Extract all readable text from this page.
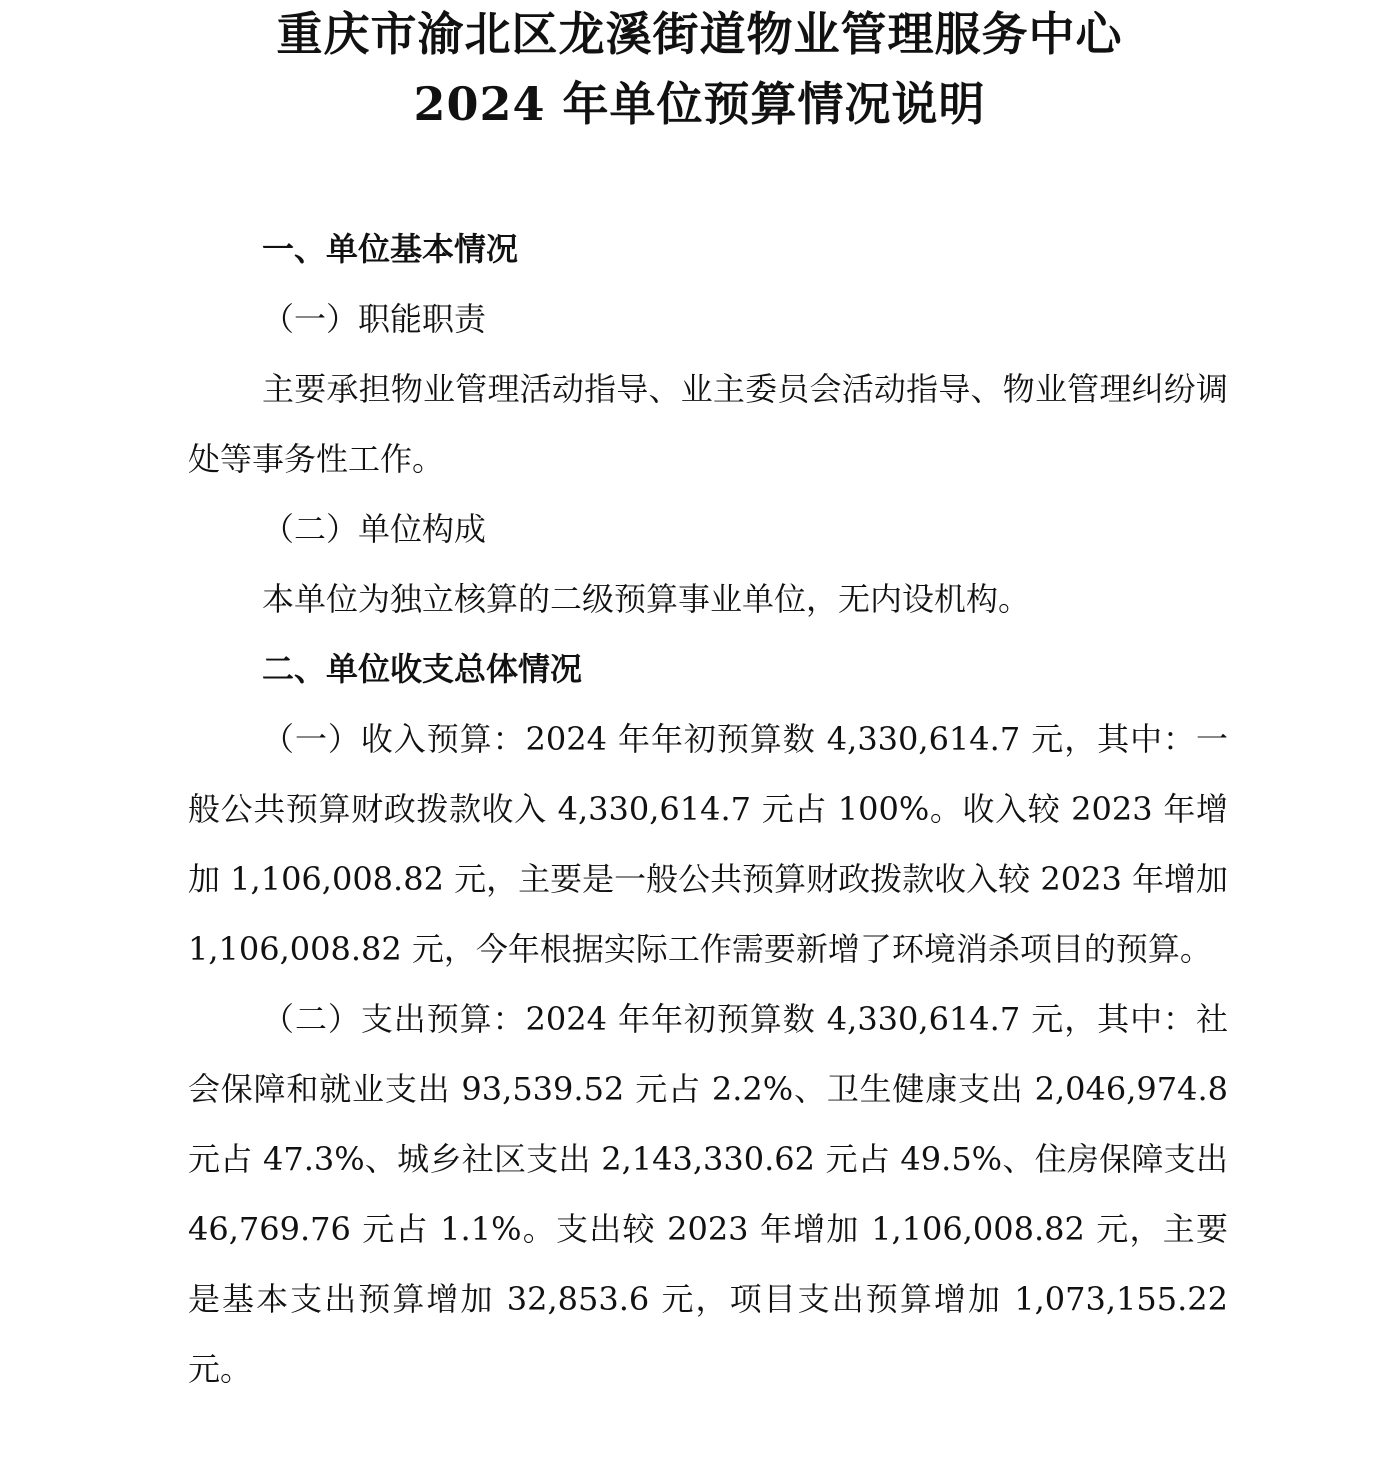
重庆市渝北区龙溪街道物业管理服务中心
2024 年单位预算情况说明

一、单位基本情况

（一）职能职责

主要承担物业管理活动指导、业主委员会活动指导、物业管理纠纷调处等事务性工作。

（二）单位构成

本单位为独立核算的二级预算事业单位，无内设机构。

二、单位收支总体情况

（一）收入预算：2024 年年初预算数 4,330,614.7 元，其中：一般公共预算财政拨款收入 4,330,614.7 元占 100%。收入较 2023 年增加 1,106,008.82 元，主要是一般公共预算财政拨款收入较 2023 年增加 1,106,008.82 元，今年根据实际工作需要新增了环境消杀项目的预算。

（二）支出预算：2024 年年初预算数 4,330,614.7 元，其中：社会保障和就业支出 93,539.52 元占 2.2%、卫生健康支出 2,046,974.8 元占 47.3%、城乡社区支出 2,143,330.62 元占 49.5%、住房保障支出 46,769.76 元占 1.1%。支出较 2023 年增加 1,106,008.82 元，主要是基本支出预算增加 32,853.6 元，项目支出预算增加 1,073,155.22 元。
